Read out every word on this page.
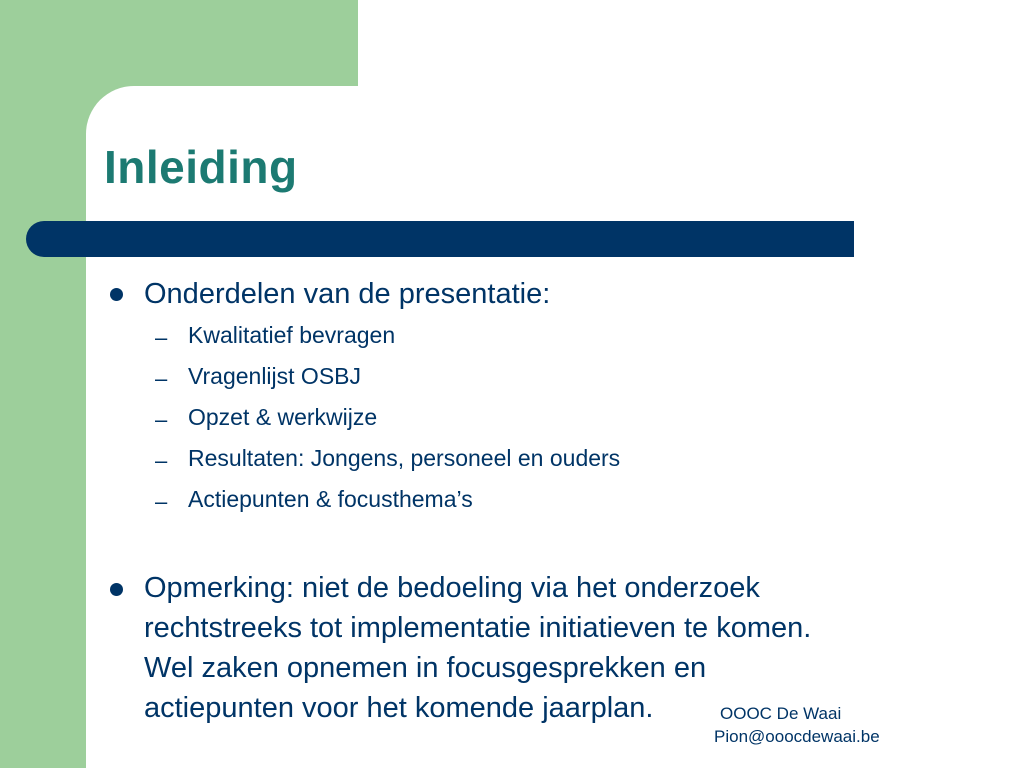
Inleiding
Onderdelen van de presentatie:
– Kwalitatief bevragen
– Vragenlijst OSBJ
– Opzet & werkwijze
– Resultaten: Jongens, personeel en ouders
– Actiepunten & focusthema’s
Opmerking: niet de bedoeling via het onderzoek
rechtstreeks tot implementatie initiatieven te komen.
Wel zaken opnemen in focusgesprekken en
actiepunten voor het komende jaarplan.	OOOC De Waai
Pion@ooocdewaai.be
